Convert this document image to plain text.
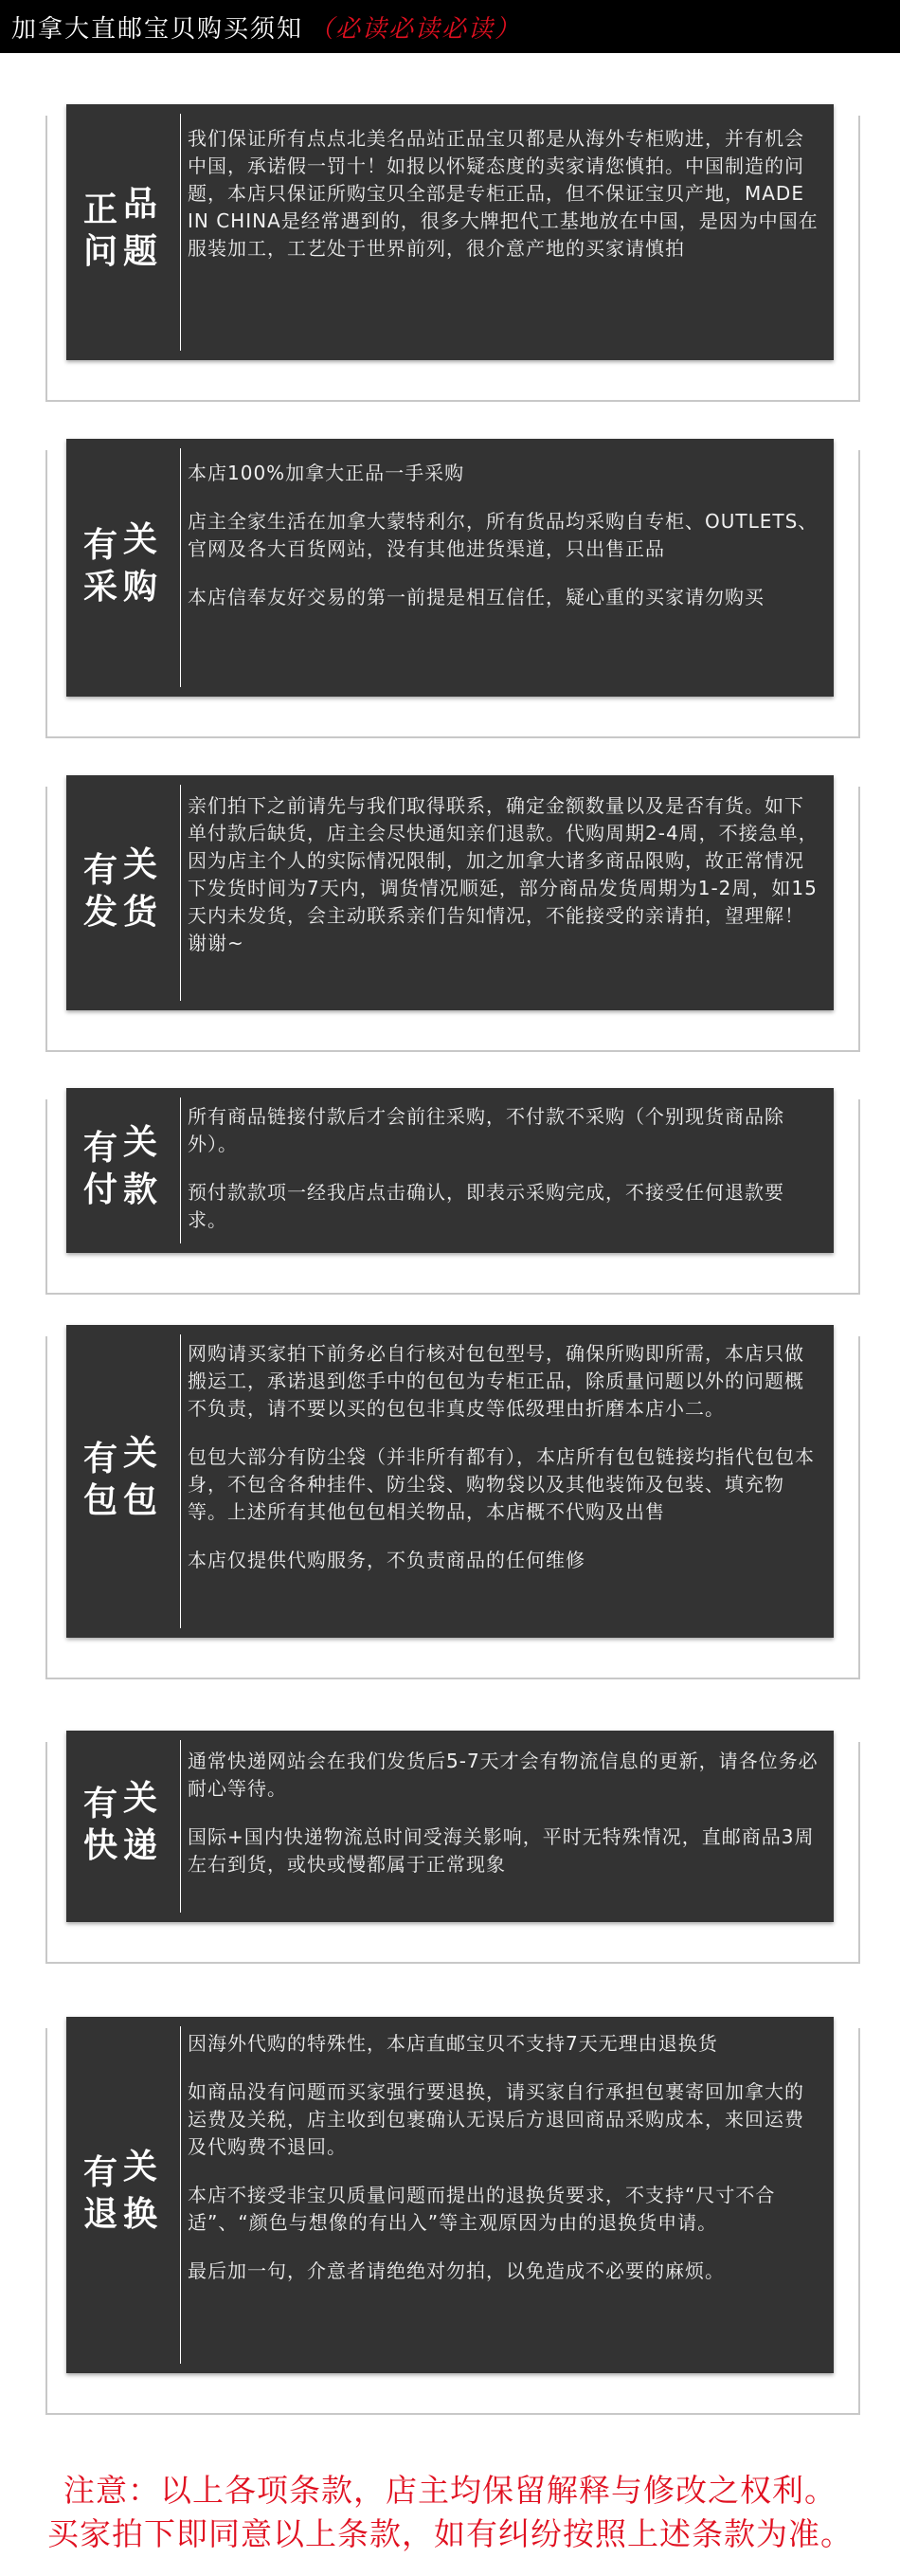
加拿大直邮宝贝购买须知 （必读必读必读）
正 品
问 题

我们保证所有点点北美名品站正品宝贝都是从海外专柜购进，并有机会中国，承诺假一罚十！如报以怀疑态度的卖家请您慎拍。中国制造的问题，本店只保证所购宝贝全部是专柜正品，但不保证宝贝产地，MADE IN CHINA是经常遇到的，很多大牌把代工基地放在中国，是因为中国在服装加工，工艺处于世界前列，很介意产地的买家请慎拍

有 关
采 购

本店100%加拿大正品一手采购

店主全家生活在加拿大蒙特利尔，所有货品均采购自专柜、OUTLETS、官网及各大百货网站，没有其他进货渠道，只出售正品

本店信奉友好交易的第一前提是相互信任，疑心重的买家请勿购买

有 关
发 货

亲们拍下之前请先与我们取得联系，确定金额数量以及是否有货。如下单付款后缺货，店主会尽快通知亲们退款。代购周期2-4周，不接急单，因为店主个人的实际情况限制，加之加拿大诸多商品限购，故正常情况下发货时间为7天内，调货情况顺延，部分商品发货周期为1-2周，如15天内未发货，会主动联系亲们告知情况，不能接受的亲请拍，望理解！谢谢~

有 关
付 款

所有商品链接付款后才会前往采购，不付款不采购（个别现货商品除外）。

预付款款项一经我店点击确认，即表示采购完成，不接受任何退款要求。

有 关
包 包

网购请买家拍下前务必自行核对包包型号，确保所购即所需，本店只做搬运工，承诺退到您手中的包包为专柜正品，除质量问题以外的问题概不负责，请不要以买的包包非真皮等低级理由折磨本店小二。

包包大部分有防尘袋（并非所有都有），本店所有包包链接均指代包包本身，不包含各种挂件、防尘袋、购物袋以及其他装饰及包装、填充物等。上述所有其他包包相关物品，本店概不代购及出售

本店仅提供代购服务，不负责商品的任何维修

有 关
快 递

通常快递网站会在我们发货后5-7天才会有物流信息的更新，请各位务必耐心等待。

国际+国内快递物流总时间受海关影响，平时无特殊情况，直邮商品3周左右到货，或快或慢都属于正常现象

有 关
退 换

因海外代购的特殊性，本店直邮宝贝不支持7天无理由退换货

如商品没有问题而买家强行要退换，请买家自行承担包裹寄回加拿大的运费及关税，店主收到包裹确认无误后方退回商品采购成本，来回运费及代购费不退回。

本店不接受非宝贝质量问题而提出的退换货要求，不支持“尺寸不合适”、“颜色与想像的有出入”等主观原因为由的退换货申请。

最后加一句，介意者请绝绝对勿拍，以免造成不必要的麻烦。

注意：以上各项条款，店主均保留解释与修改之权利。
买家拍下即同意以上条款，如有纠纷按照上述条款为准。
